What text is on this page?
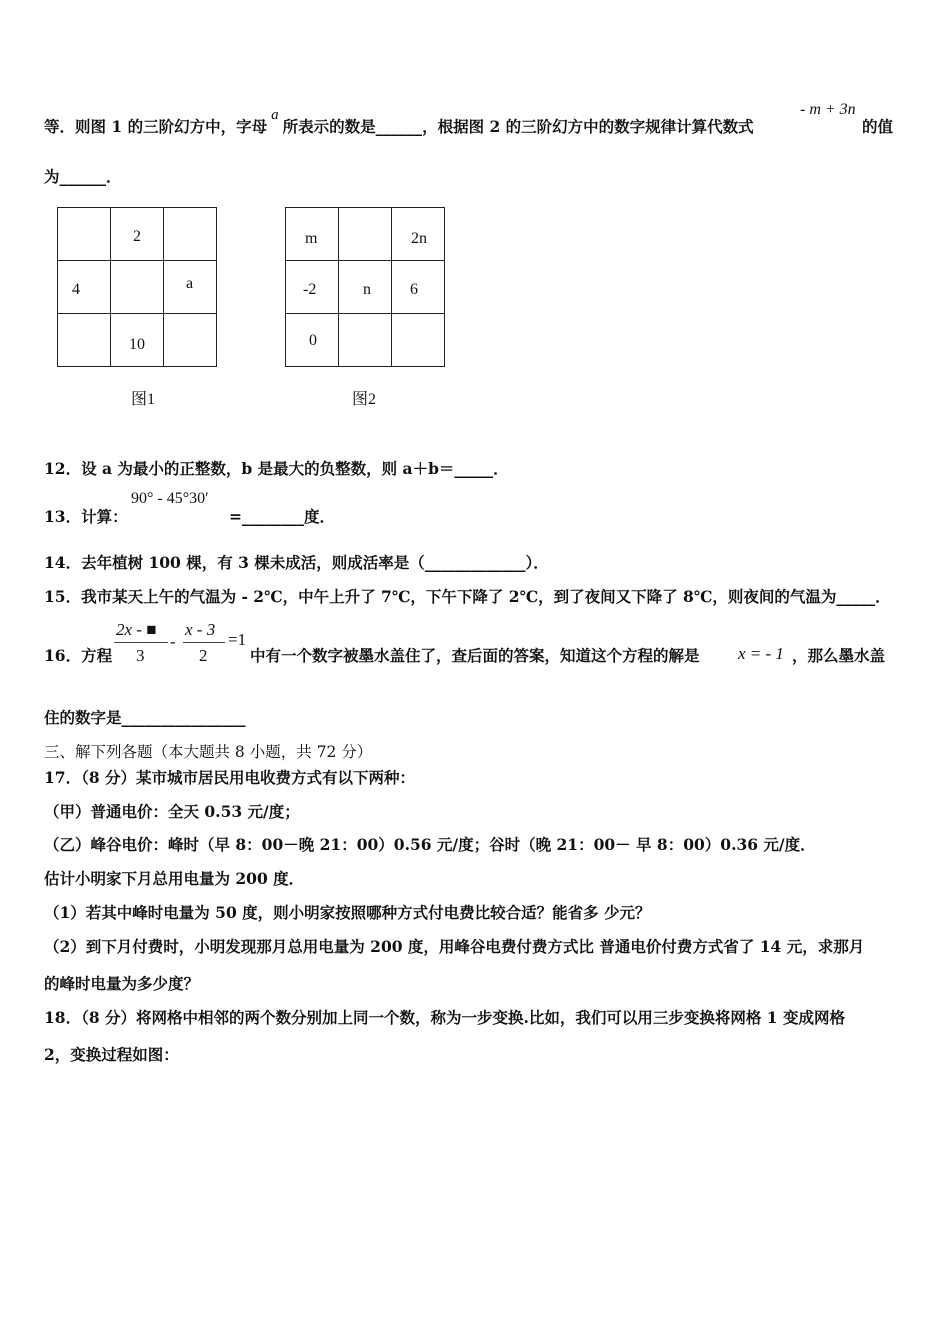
等．则图 1 的三阶幻方中，字母a所表示的数是______，根据图 2 的三阶幻方中的数字规律计算代数式
- m + 3n
的值
为______．

	2	

4		a

	10	

图1
m		2n

-2	n	6

0		

图2
12．设 a 为最小的正整数，b 是最大的负整数，则 a＋b＝_____．
13．计算：
90° - 45°30′
=________度．
14．去年植树 100 棵，有 3 棵未成活，则成活率是（_____________）．
15．我市某天上午的气温为 - 2℃，中午上升了 7℃，下午下降了 2℃，到了夜间又下降了 8℃，则夜间的气温为_____．
16．方程
2x - ■
3
-
x - 3
2
=1
中有一个数字被墨水盖住了，查后面的答案，知道这个方程的解是 x = - 1 ，那么墨水盖
住的数字是________________
三、解下列各题（本大题共 8 小题，共 72 分）
17．（8 分）某市城市居民用电收费方式有以下两种：
（甲）普通电价：全天 0.53 元/度；
（乙）峰谷电价：峰时（早 8：00－晚 21：00）0.56 元/度；谷时（晚 21：00－ 早 8：00）0.36 元/度．
估计小明家下月总用电量为 200 度．
（1）若其中峰时电量为 50 度，则小明家按照哪种方式付电费比较合适？能省多 少元？
（2）到下月付费时，小明发现那月总用电量为 200 度，用峰谷电费付费方式比 普通电价付费方式省了 14 元，求那月
的峰时电量为多少度？
18．（8 分）将网格中相邻的两个数分别加上同一个数，称为一步变换.比如，我们可以用三步变换将网格 1 变成网格
2，变换过程如图：
